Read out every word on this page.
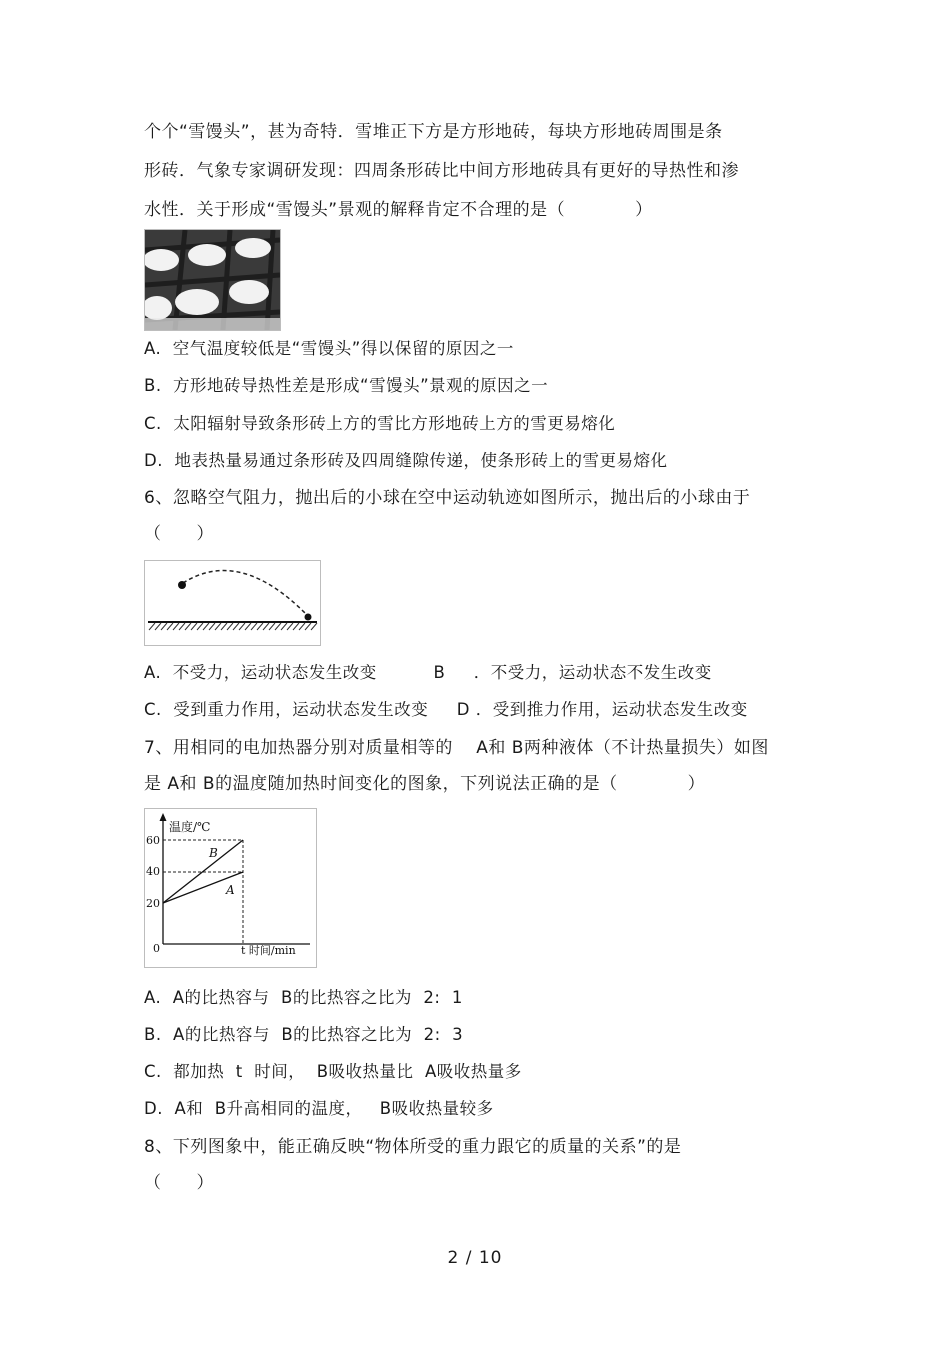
个个“雪馒头”，甚为奇特．雪堆正下方是方形地砖，每块方形地砖周围是条
形砖．气象专家调研发现：四周条形砖比中间方形地砖具有更好的导热性和渗
水性．关于形成“雪馒头”景观的解释肯定不合理的是（　　　　）
A.  空气温度较低是“雪馒头”得以保留的原因之一
B.  方形地砖导热性差是形成“雪馒头”景观的原因之一
C.  太阳辐射导致条形砖上方的雪比方形地砖上方的雪更易熔化
D.  地表热量易通过条形砖及四周缝隙传递，使条形砖上的雪更易熔化
6、忽略空气阻力，抛出后的小球在空中运动轨迹如图所示，抛出后的小球由于
（　　）
A.  不受力，运动状态发生改变　　　 B　  ．不受力，运动状态不发生改变
C.  受到重力作用，运动状态发生改变　  D ．受到推力作用，运动状态发生改变
7、用相同的电加热器分别对质量相等的　 A和 B两种液体（不计热量损失）如图
是 A和 B的温度随加热时间变化的图象，下列说法正确的是（　　　　）
温度/℃
60
40
20
0
B
A
t 时间/min
A.  A的比热容与  B的比热容之比为  2:  1
B.  A的比热容与  B的比热容之比为  2:  3
C.  都加热  t  时间，  B吸收热量比  A吸收热量多
D.  A和  B升高相同的温度，   B吸收热量较多
8、下列图象中，能正确反映“物体所受的重力跟它的质量的关系”的是
（　　）
2 / 10
